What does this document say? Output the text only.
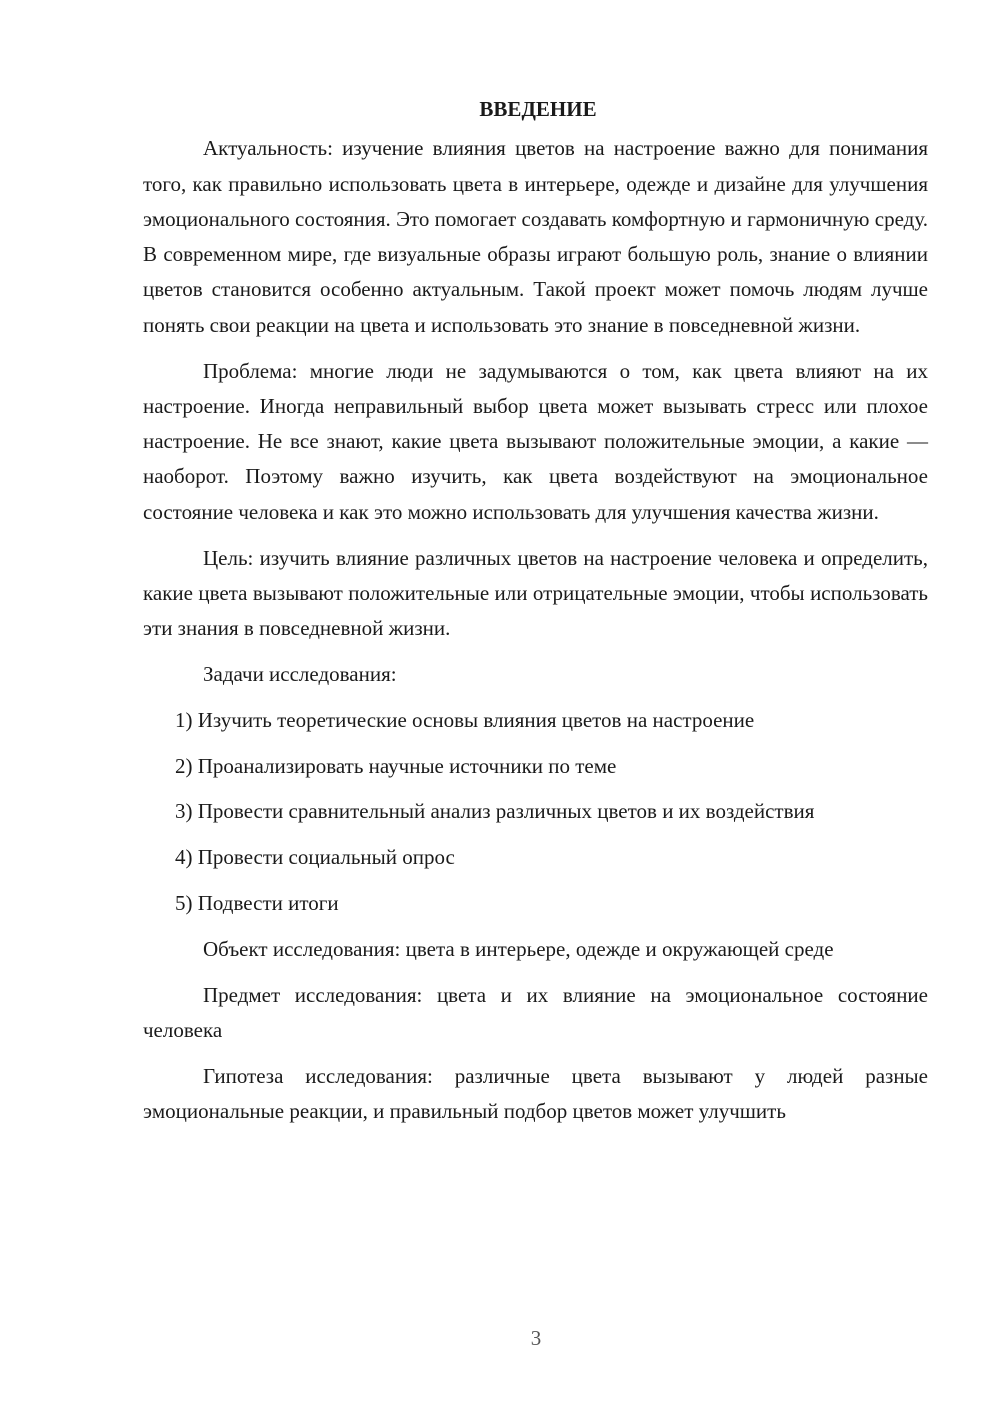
ВВЕДЕНИЕ

Актуальность: изучение влияния цветов на настроение важно для понимания того, как правильно использовать цвета в интерьере, одежде и дизайне для улучшения эмоционального состояния. Это помогает создавать комфортную и гармоничную среду. В современном мире, где визуальные образы играют большую роль, знание о влиянии цветов становится особенно актуальным. Такой проект может помочь людям лучше понять свои реакции на цвета и использовать это знание в повседневной жизни.

Проблема: многие люди не задумываются о том, как цвета влияют на их настроение. Иногда неправильный выбор цвета может вызывать стресс или плохое настроение. Не все знают, какие цвета вызывают положительные эмоции, а какие — наоборот. Поэтому важно изучить, как цвета воздействуют на эмоциональное состояние человека и как это можно использовать для улучшения качества жизни.

Цель: изучить влияние различных цветов на настроение человека и определить, какие цвета вызывают положительные или отрицательные эмоции, чтобы использовать эти знания в повседневной жизни.

Задачи исследования:

1) Изучить теоретические основы влияния цветов на настроение

2) Проанализировать научные источники по теме

3) Провести сравнительный анализ различных цветов и их воздействия

4) Провести социальный опрос

5) Подвести итоги

Объект исследования: цвета в интерьере, одежде и окружающей среде

Предмет исследования: цвета и их влияние на эмоциональное состояние человека

Гипотеза исследования: различные цвета вызывают у людей разные эмоциональные реакции, и правильный подбор цветов может улучшить

3
